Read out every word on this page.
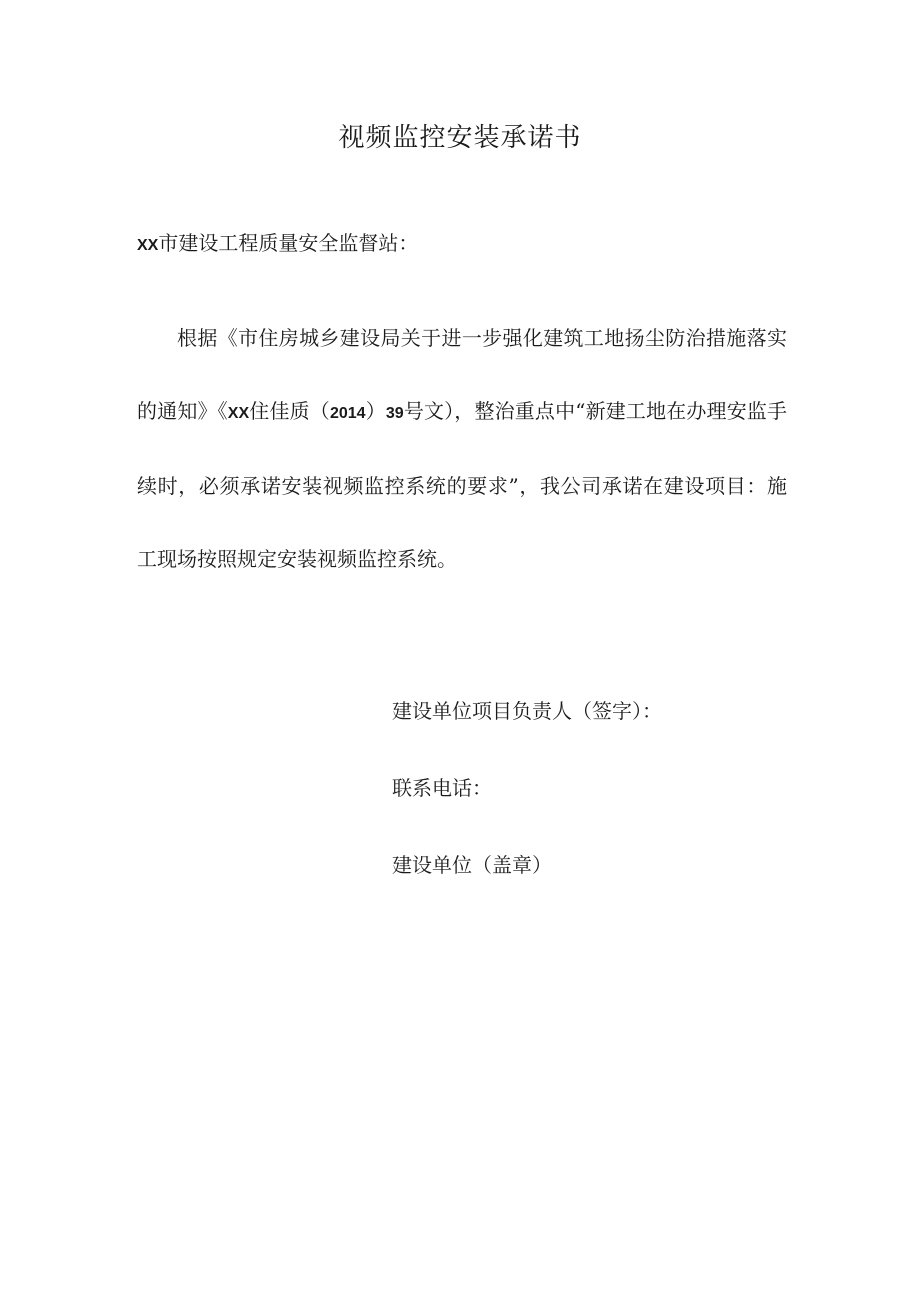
视频监控安装承诺书
XX市建设工程质量安全监督站：

根据《市住房城乡建设局关于进一步强化建筑工地扬尘防治措施落实的通知》《XX住佳质（2014）39号文），整治重点中“新建工地在办理安监手续时，必须承诺安装视频监控系统的要求”，我公司承诺在建设项目：施工现场按照规定安装视频监控系统。

建设单位项目负责人（签字）：
联系电话：
建设单位（盖章）
